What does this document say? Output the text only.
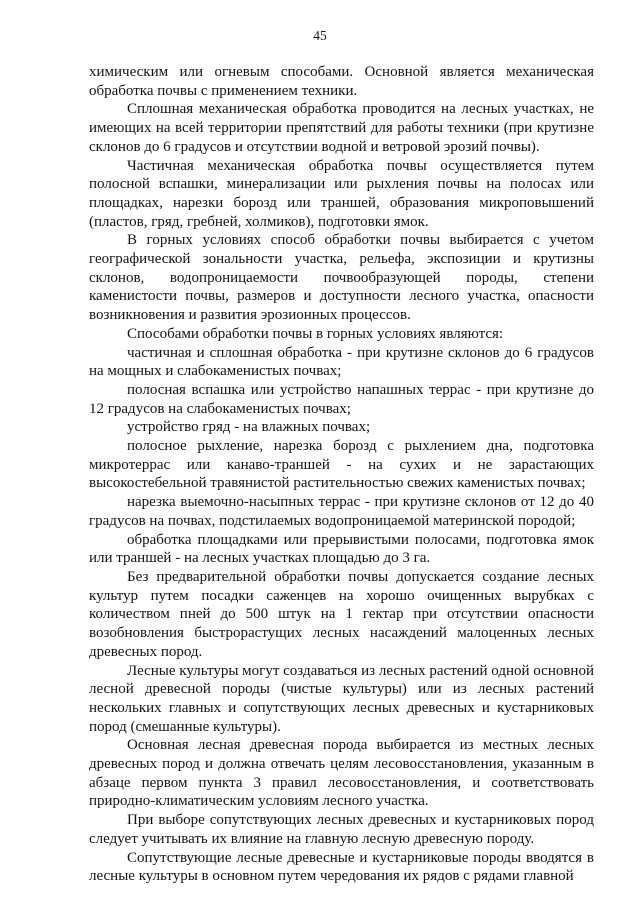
45

химическим или огневым способами. Основной является механическая обработка почвы с применением техники.

Сплошная механическая обработка проводится на лесных участках, не имеющих на всей территории препятствий для работы техники (при крутизне склонов до 6 градусов и отсутствии водной и ветровой эрозий почвы).

Частичная механическая обработка почвы осуществляется путем полосной вспашки, минерализации или рыхления почвы на полосах или площадках, нарезки борозд или траншей, образования микроповышений (пластов, гряд, гребней, холмиков), подготовки ямок.

В горных условиях способ обработки почвы выбирается с учетом географической зональности участка, рельефа, экспозиции и крутизны склонов, водопроницаемости почвообразующей породы, степени каменистости почвы, размеров и доступности лесного участка, опасности возникновения и развития эрозионных процессов.

Способами обработки почвы в горных условиях являются:

частичная и сплошная обработка - при крутизне склонов до 6 градусов на мощных и слабокаменистых почвах;

полосная вспашка или устройство напашных террас - при крутизне до 12 градусов на слабокаменистых почвах;

устройство гряд - на влажных почвах;

полосное рыхление, нарезка борозд с рыхлением дна, подготовка микротеррас или канаво-траншей - на сухих и не зарастающих высокостебельной травянистой растительностью свежих каменистых почвах;

нарезка выемочно-насыпных террас - при крутизне склонов от 12 до 40 градусов на почвах, подстилаемых водопроницаемой материнской породой;

обработка площадками или прерывистыми полосами, подготовка ямок или траншей - на лесных участках площадью до 3 га.

Без предварительной обработки почвы допускается создание лесных культур путем посадки саженцев на хорошо очищенных вырубках с количеством пней до 500 штук на 1 гектар при отсутствии опасности возобновления быстрорастущих лесных насаждений малоценных лесных древесных пород.

Лесные культуры могут создаваться из лесных растений одной основной лесной древесной породы (чистые культуры) или из лесных растений нескольких главных и сопутствующих лесных древесных и кустарниковых пород (смешанные культуры).

Основная лесная древесная порода выбирается из местных лесных древесных пород и должна отвечать целям лесовосстановления, указанным в абзаце первом пункта 3 правил лесовосстановления, и соответствовать природно-климатическим условиям лесного участка.

При выборе сопутствующих лесных древесных и кустарниковых пород следует учитывать их влияние на главную лесную древесную породу.

Сопутствующие лесные древесные и кустарниковые породы вводятся в лесные культуры в основном путем чередования их рядов с рядами главной
